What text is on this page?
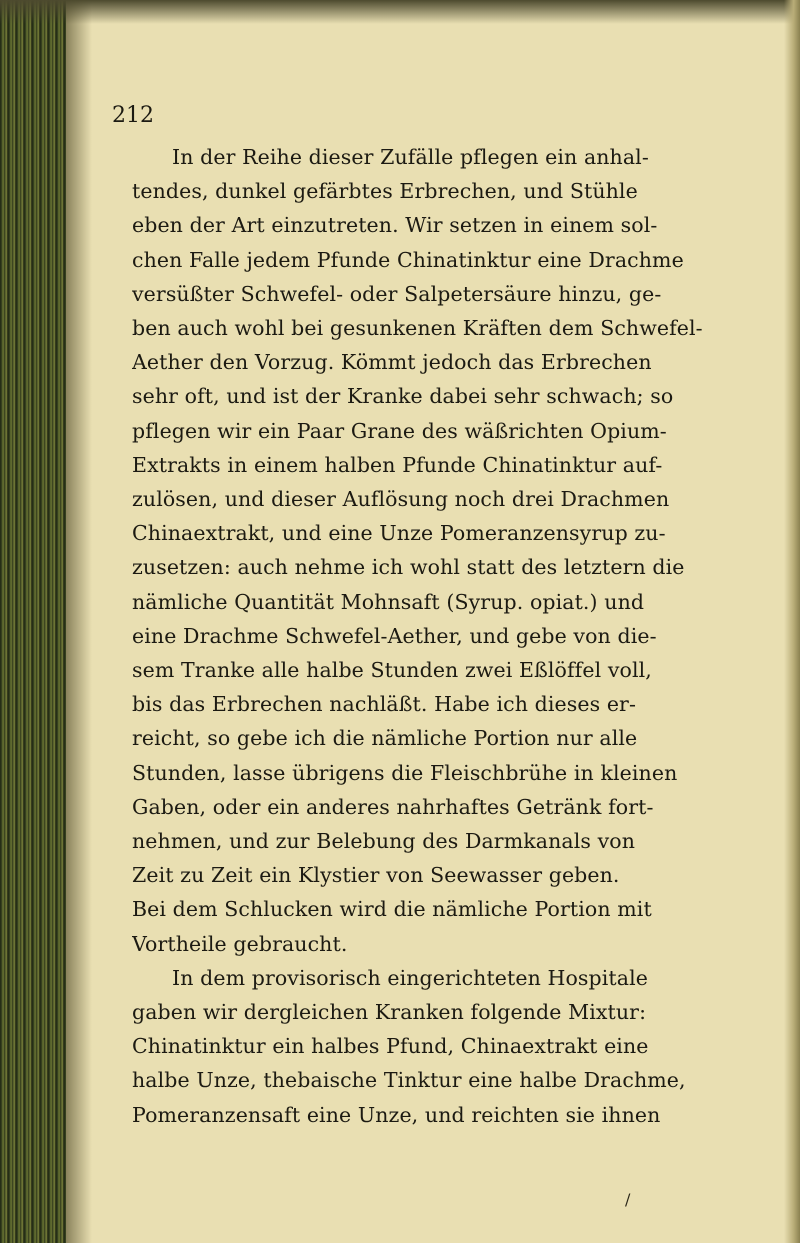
212
In der Reihe dieser Zufälle pflegen ein anhal-
tendes, dunkel gefärbtes Erbrechen, und Stühle
eben der Art einzutreten. Wir setzen in einem sol-
chen Falle jedem Pfunde Chinatinktur eine Drachme
versüßter Schwefel- oder Salpetersäure hinzu, ge-
ben auch wohl bei gesunkenen Kräften dem Schwefel-
Aether den Vorzug. Kömmt jedoch das Erbrechen
sehr oft, und ist der Kranke dabei sehr schwach; so
pflegen wir ein Paar Grane des wäßrichten Opium-
Extrakts in einem halben Pfunde Chinatinktur auf-
zulösen, und dieser Auflösung noch drei Drachmen
Chinaextrakt, und eine Unze Pomeranzensyrup zu-
zusetzen: auch nehme ich wohl statt des letztern die
nämliche Quantität Mohnsaft (Syrup. opiat.) und
eine Drachme Schwefel-Aether, und gebe von die-
sem Tranke alle halbe Stunden zwei Eßlöffel voll,
bis das Erbrechen nachläßt. Habe ich dieses er-
reicht, so gebe ich die nämliche Portion nur alle
Stunden, lasse übrigens die Fleischbrühe in kleinen
Gaben, oder ein anderes nahrhaftes Getränk fort-
nehmen, und zur Belebung des Darmkanals von
Zeit zu Zeit ein Klystier von Seewasser geben.
Bei dem Schlucken wird die nämliche Portion mit
Vortheile gebraucht.
In dem provisorisch eingerichteten Hospitale
gaben wir dergleichen Kranken folgende Mixtur:
Chinatinktur ein halbes Pfund, Chinaextrakt eine
halbe Unze, thebaische Tinktur eine halbe Drachme,
Pomeranzensaft eine Unze, und reichten sie ihnen
/
